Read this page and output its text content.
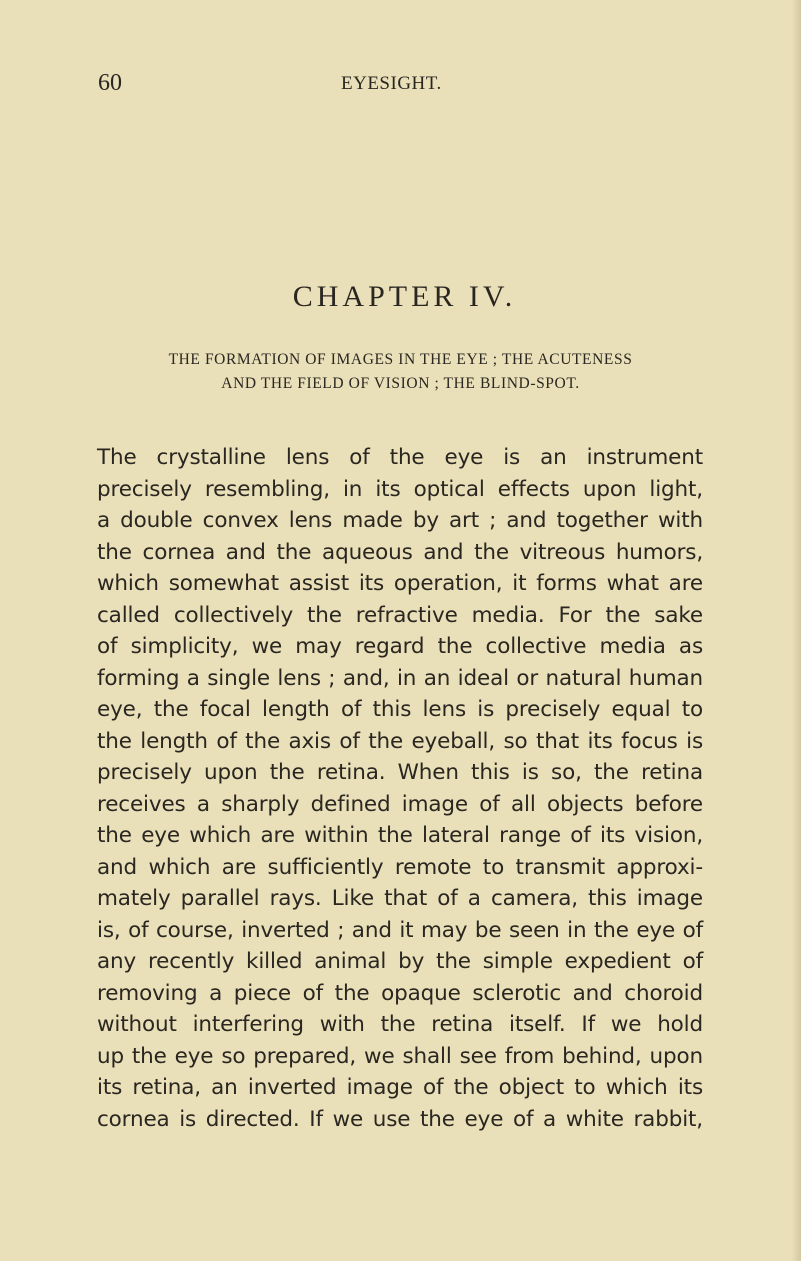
60	EYESIGHT.
CHAPTER IV.
THE FORMATION OF IMAGES IN THE EYE ; THE ACUTENESS
AND THE FIELD OF VISION ; THE BLIND-SPOT.
The crystalline lens of the eye is an instrument
precisely resembling, in its optical effects upon light,
a double convex lens made by art ; and together with
the cornea and the aqueous and the vitreous humors,
which somewhat assist its operation, it forms what are
called collectively the refractive media. For the sake
of simplicity, we may regard the collective media as
forming a single lens ; and, in an ideal or natural human
eye, the focal length of this lens is precisely equal to
the length of the axis of the eyeball, so that its focus is
precisely upon the retina. When this is so, the retina
receives a sharply defined image of all objects before
the eye which are within the lateral range of its vision,
and which are sufficiently remote to transmit approxi-
mately parallel rays. Like that of a camera, this image
is, of course, inverted ; and it may be seen in the eye of
any recently killed animal by the simple expedient of
removing a piece of the opaque sclerotic and choroid
without interfering with the retina itself. If we hold
up the eye so prepared, we shall see from behind, upon
its retina, an inverted image of the object to which its
cornea is directed. If we use the eye of a white rabbit,
